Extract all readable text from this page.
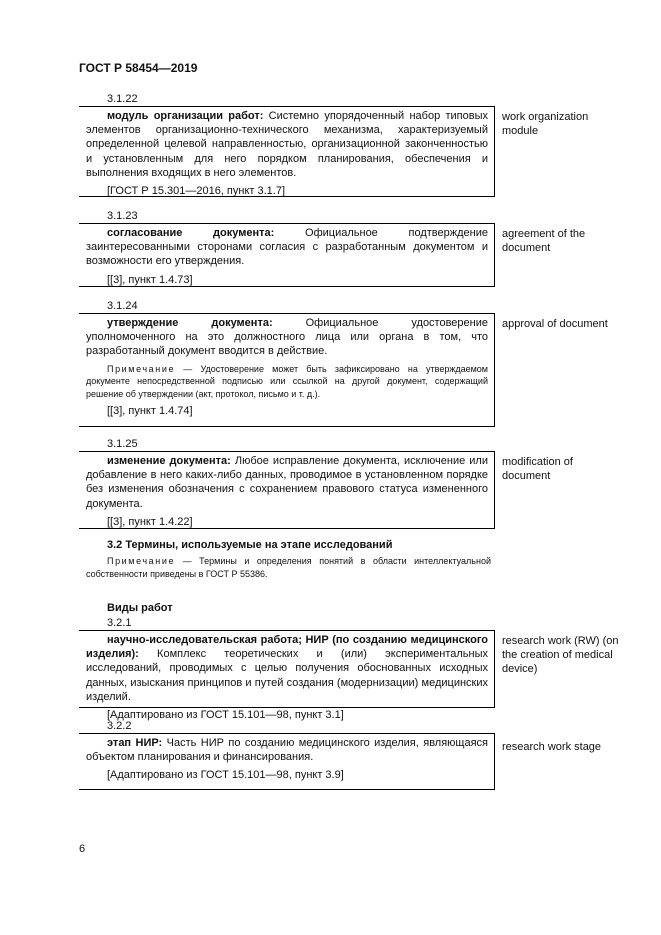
ГОСТ Р 58454—2019
3.1.22

модуль организации работ: Системно упорядоченный набор типовых элементов организационно-технического механизма, характеризуемый определенной целевой направленностью, организационной законченностью и установленным для него порядком планирования, обеспечения и выполнения входящих в него элементов.

[ГОСТ Р 15.301—2016, пункт 3.1.7]
work organization module
3.1.23

согласование документа: Официальное подтверждение заинтересованными сторонами согласия с разработанным документом и возможности его утверждения.

[[3], пункт 1.4.73]
agreement of the document
3.1.24

утверждение документа: Официальное удостоверение уполномоченного на это должностного лица или органа в том, что разработанный документ вводится в действие.

Примечание — Удостоверение может быть зафиксировано на утверждаемом документе непосредственной подписью или ссылкой на другой документ, содержащий решение об утверждении (акт, протокол, письмо и т. д.).

[[3], пункт 1.4.74]
approval of document
3.1.25

изменение документа: Любое исправление документа, исключение или добавление в него каких-либо данных, проводимое в установленном порядке без изменения обозначения с сохранением правового статуса измененного документа.

[[3], пункт 1.4.22]
modification of document
3.2 Термины, используемые на этапе исследований

Примечание — Термины и определения понятий в области интеллектуальной собственности приведены в ГОСТ Р 55386.

Виды работ
3.2.1

научно-исследовательская работа; НИР (по созданию медицинского изделия): Комплекс теоретических и (или) экспериментальных исследований, проводимых с целью получения обоснованных исходных данных, изыскания принципов и путей создания (модернизации) медицинских изделий.

[Адаптировано из ГОСТ 15.101—98, пункт 3.1]
research work (RW) (on the creation of medical device)
3.2.2

этап НИР: Часть НИР по созданию медицинского изделия, являющаяся объектом планирования и финансирования.

[Адаптировано из ГОСТ 15.101—98, пункт 3.9]
research work stage
6
